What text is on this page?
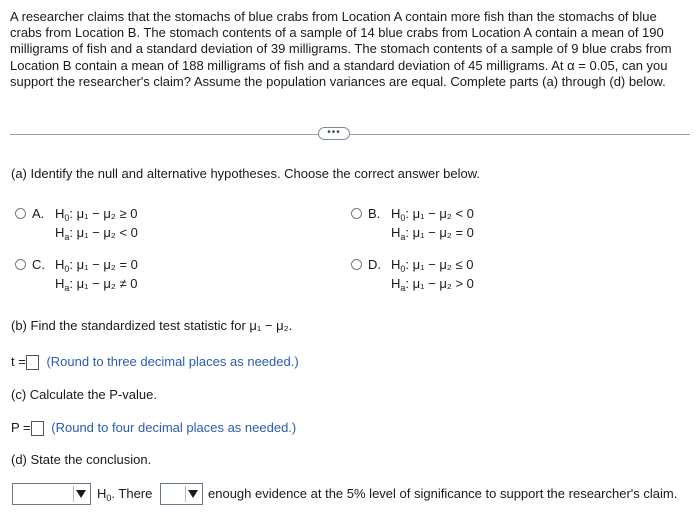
A researcher claims that the stomachs of blue crabs from Location A contain more fish than the stomachs of blue crabs from Location B. The stomach contents of a sample of 14 blue crabs from Location A contain a mean of 190 milligrams of fish and a standard deviation of 39 milligrams. The stomach contents of a sample of 9 blue crabs from Location B contain a mean of 188 milligrams of fish and a standard deviation of 45 milligrams. At α = 0.05, can you support the researcher's claim? Assume the population variances are equal. Complete parts (a) through (d) below.
•••
(a) Identify the null and alternative hypotheses. Choose the correct answer below.
A. $H_0$: μ₁ − μ₂ ≥ 0
$H_a$: μ₁ − μ₂ < 0
B. $H_0$: μ₁ − μ₂ < 0
$H_a$: μ₁ − μ₂ = 0
C. $H_0$: μ₁ − μ₂ = 0
$H_a$: μ₁ − μ₂ ≠ 0
D. $H_0$: μ₁ − μ₂ ≤ 0
$H_a$: μ₁ − μ₂ > 0
(b) Find the standardized test statistic for μ₁ − μ₂.
t = (Round to three decimal places as needed.)
(c) Calculate the P-value.
P = (Round to four decimal places as needed.)
(d) State the conclusion.
$H_0$. There	enough evidence at the 5% level of significance to support the researcher's claim.
